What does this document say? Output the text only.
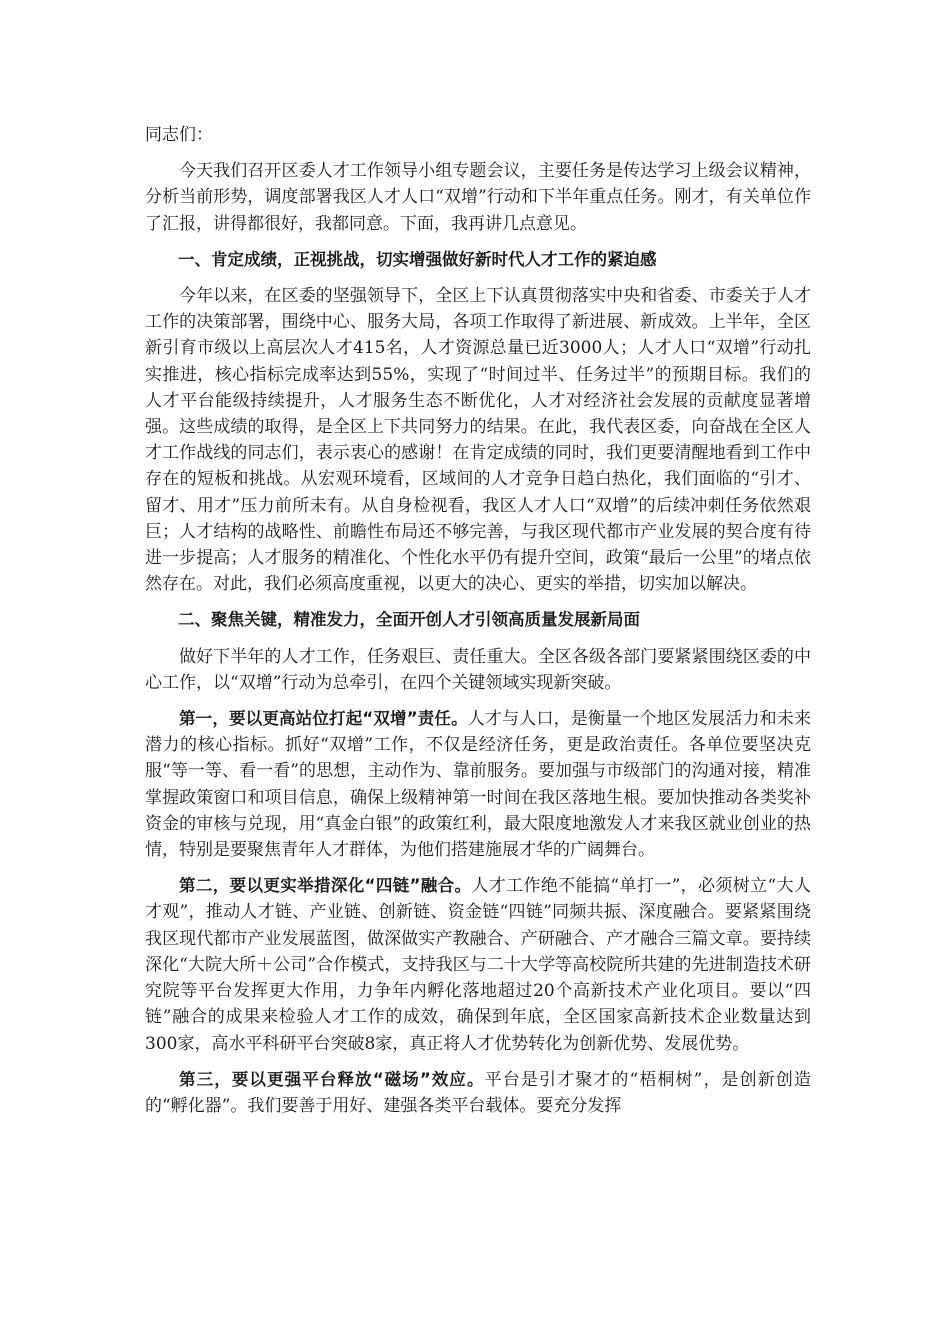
同志们：

今天我们召开区委人才工作领导小组专题会议，主要任务是传达学习上级会议精神，分析当前形势，调度部署我区人才人口“双增”行动和下半年重点任务。刚才，有关单位作了汇报，讲得都很好，我都同意。下面，我再讲几点意见。

一、肯定成绩，正视挑战，切实增强做好新时代人才工作的紧迫感

今年以来，在区委的坚强领导下，全区上下认真贯彻落实中央和省委、市委关于人才工作的决策部署，围绕中心、服务大局，各项工作取得了新进展、新成效。上半年，全区新引育市级以上高层次人才415名，人才资源总量已近3000人；人才人口“双增”行动扎实推进，核心指标完成率达到55%，实现了“时间过半、任务过半”的预期目标。我们的人才平台能级持续提升，人才服务生态不断优化，人才对经济社会发展的贡献度显著增强。这些成绩的取得，是全区上下共同努力的结果。在此，我代表区委，向奋战在全区人才工作战线的同志们，表示衷心的感谢！在肯定成绩的同时，我们更要清醒地看到工作中存在的短板和挑战。从宏观环境看，区域间的人才竞争日趋白热化，我们面临的“引才、留才、用才”压力前所未有。从自身检视看，我区人才人口“双增”的后续冲刺任务依然艰巨；人才结构的战略性、前瞻性布局还不够完善，与我区现代都市产业发展的契合度有待进一步提高；人才服务的精准化、个性化水平仍有提升空间，政策“最后一公里”的堵点依然存在。对此，我们必须高度重视，以更大的决心、更实的举措，切实加以解决。

二、聚焦关键，精准发力，全面开创人才引领高质量发展新局面

做好下半年的人才工作，任务艰巨、责任重大。全区各级各部门要紧紧围绕区委的中心工作，以“双增”行动为总牵引，在四个关键领域实现新突破。

第一，要以更高站位打起“双增”责任。人才与人口，是衡量一个地区发展活力和未来潜力的核心指标。抓好“双增”工作，不仅是经济任务，更是政治责任。各单位要坚决克服“等一等、看一看”的思想，主动作为、靠前服务。要加强与市级部门的沟通对接，精准掌握政策窗口和项目信息，确保上级精神第一时间在我区落地生根。要加快推动各类奖补资金的审核与兑现，用“真金白银”的政策红利，最大限度地激发人才来我区就业创业的热情，特别是要聚焦青年人才群体，为他们搭建施展才华的广阔舞台。

第二，要以更实举措深化“四链”融合。人才工作绝不能搞“单打一”，必须树立“大人才观”，推动人才链、产业链、创新链、资金链“四链”同频共振、深度融合。要紧紧围绕我区现代都市产业发展蓝图，做深做实产教融合、产研融合、产才融合三篇文章。要持续深化“大院大所＋公司”合作模式，支持我区与二十大学等高校院所共建的先进制造技术研究院等平台发挥更大作用，力争年内孵化落地超过20个高新技术产业化项目。要以“四链”融合的成果来检验人才工作的成效，确保到年底，全区国家高新技术企业数量达到300家，高水平科研平台突破8家，真正将人才优势转化为创新优势、发展优势。

第三，要以更强平台释放“磁场”效应。平台是引才聚才的“梧桐树”，是创新创造的“孵化器”。我们要善于用好、建强各类平台载体。要充分发挥
